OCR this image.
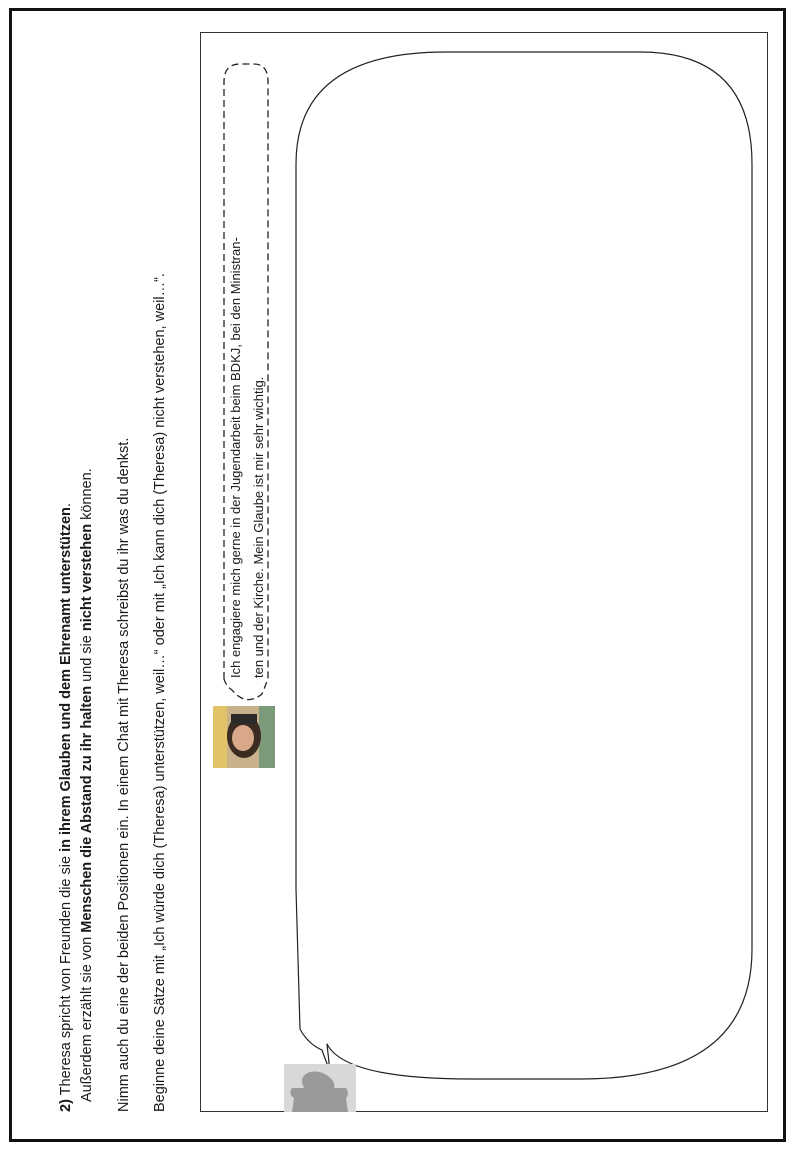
2) Theresa spricht von Freunden die sie in ihrem Glauben und dem Ehrenamt unterstützen.
Außerdem erzählt sie von Menschen die Abstand zu ihr halten und sie nicht verstehen können. Nimm auch du eine der beiden Positionen ein. In einem Chat mit Theresa schreibst du ihr was du denkst. Beginne deine Sätze mit „Ich würde dich (Theresa) unterstützen, weil…“ oder mit „Ich kann dich (Theresa) nicht verstehen, weil…“.	Ich engagiere mich gerne in der Jugendarbeit beim BDKJ, bei den Ministran- ten und der Kirche. Mein Glaube ist mir sehr wichtig.
